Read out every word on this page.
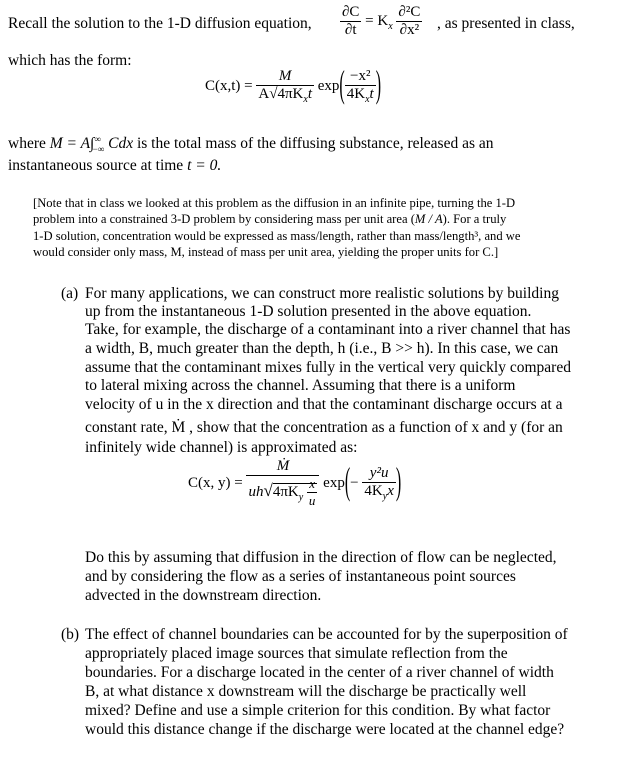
Recall the solution to the 1-D diffusion equation, $\frac{\partial C}{\partial t} = K_x \frac{\text{∂²C}}{\text{∂x²}}$ , as presented in class,
which has the form:
$C(x,t) = \frac{M}{A√4\pi K_xt} \exp( \frac{\text{−x²}}{4K_xt}$ )
where $M = A\int^\infty_{-\infty}$ Cdx is the total mass of the diffusing substance, released as an
instantaneous source at time t = 0.
[Note that in class we looked at this problem as the diffusion in an infinite pipe, turning the 1-D
problem into a constrained 3-D problem by considering mass per unit area (M / A). For a truly
1-D solution, concentration would be expressed as mass/length, rather than mass/length³, and we
would consider only mass, M, instead of mass per unit area, yielding the proper units for C.]
(a) For many applications, we can construct more realistic solutions by building
up from the instantaneous 1-D solution presented in the above equation.
Take, for example, the discharge of a contaminant into a river channel that has
a width, B, much greater than the depth, h (i.e., B >> h). In this case, we can
assume that the contaminant mixes fully in the vertical very quickly compared
to lateral mixing across the channel. Assuming that there is a uniform
velocity of u in the x direction and that the contaminant discharge occurs at a
constant rate, Ṁ , show that the concentration as a function of x and y (for an
infinitely wide channel) is approximated as:
C(x, $y) = \frac{\text{Ṁ}}{uh√4\pi K_y \frac{x}{u}} \exp(- \frac{\text{y²u}}{4K_yx}$ )
Do this by assuming that diffusion in the direction of flow can be neglected,
and by considering the flow as a series of instantaneous point sources
advected in the downstream direction.
(b) The effect of channel boundaries can be accounted for by the superposition of
appropriately placed image sources that simulate reflection from the
boundaries. For a discharge located in the center of a river channel of width
B, at what distance x downstream will the discharge be practically well
mixed? Define and use a simple criterion for this condition. By what factor
would this distance change if the discharge were located at the channel edge?
